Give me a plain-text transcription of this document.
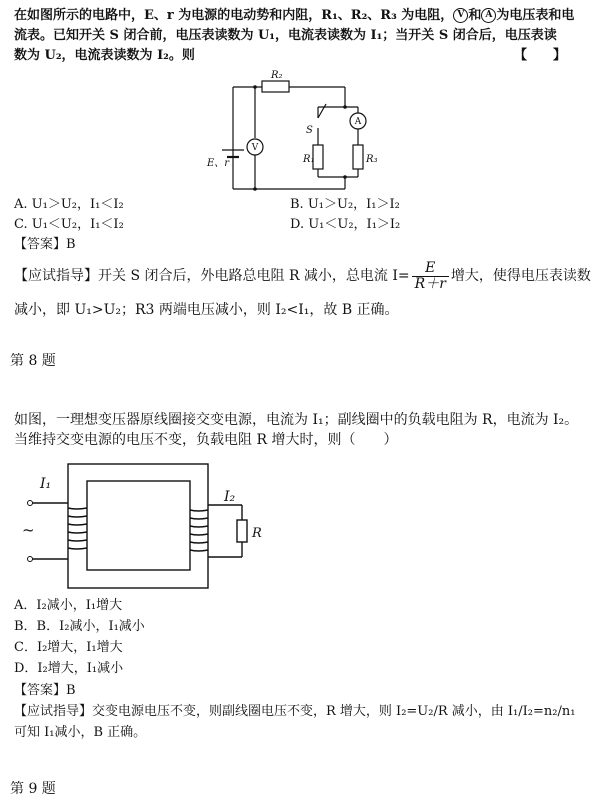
在如图所示的电路中，E、r 为电源的电动势和内阻，R₁、R₂、R₃ 为电阻， V 和 A 为电压表和电
流表。已知开关 S 闭合前，电压表读数为 U₁，电流表读数为 I₁；当开关 S 闭合后，电压表读
数为 U₂，电流表读数为 I₂。则	【　　】
R₂
S
R₁	R₃
E、r
V
A
A. U₁＞U₂，I₁＜I₂	B. U₁＞U₂，I₁＞I₂
C. U₁＜U₂，I₁＜I₂	D. U₁＜U₂，I₁＞I₂
【答案】B
【应试指导】开关 S 闭合后，外电路总电阻 R 减小，总电流 $I= \frac{E}{R+r}$ 增大，使得电压表读数
减小，即 U₁>U₂；R3 两端电压减小，则 I₂<I₁，故 B 正确。
第 8 题
如图，一理想变压器原线圈接交变电源，电流为 I₁；副线圈中的负载电阻为 R，电流为 I₂。
当维持交变电源的电压不变，负载电阻 R 增大时，则（　　）
I₁
I₂
R
~
A．I₂减小，I₁增大
B．B．I₂减小，I₁减小
C．I₂增大，I₁增大
D．I₂增大，I₁减小
【答案】B
【应试指导】交变电源电压不变，则副线圈电压不变，R 增大，则 I₂=U₂/R 减小，由 I₁/I₂=n₂/n₁
可知 I₁减小，B 正确。
第 9 题
